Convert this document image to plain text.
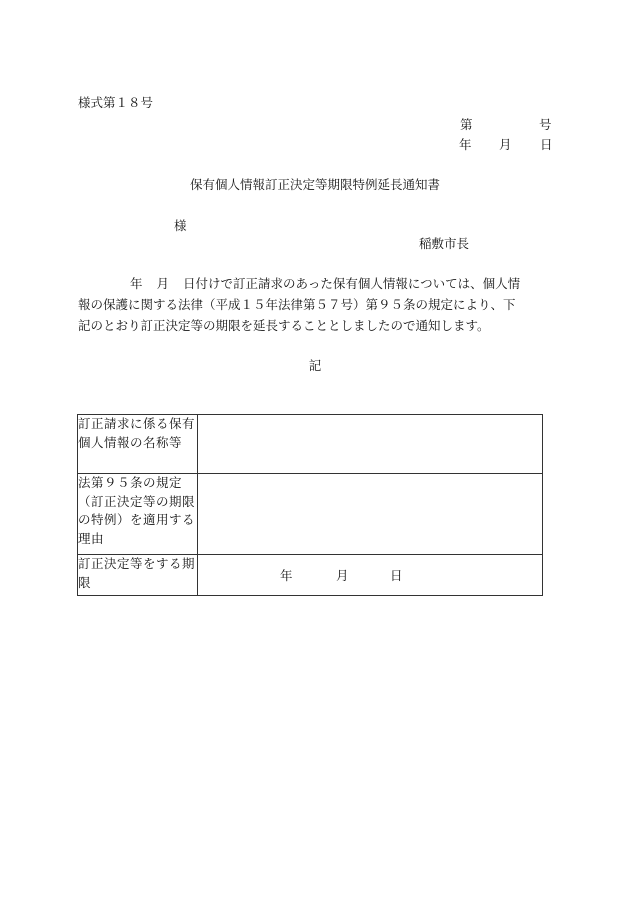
様式第１８号
第	号
年 月 日
保有個人情報訂正決定等期限特例延長通知書
様
稲敷市長
年 月 日付けで訂正請求のあった保有個人情報については、個人情
報の保護に関する法律（平成１５年法律第５７号）第９５条の規定により、下
記のとおり訂正決定等の期限を延長することとしましたので通知します。
記
訂正請求に係る保有個人情報の名称等	
法第９５条の規定（訂正決定等の期限の特例）を適用する理由	
訂正決定等をする期限	年 月 日
